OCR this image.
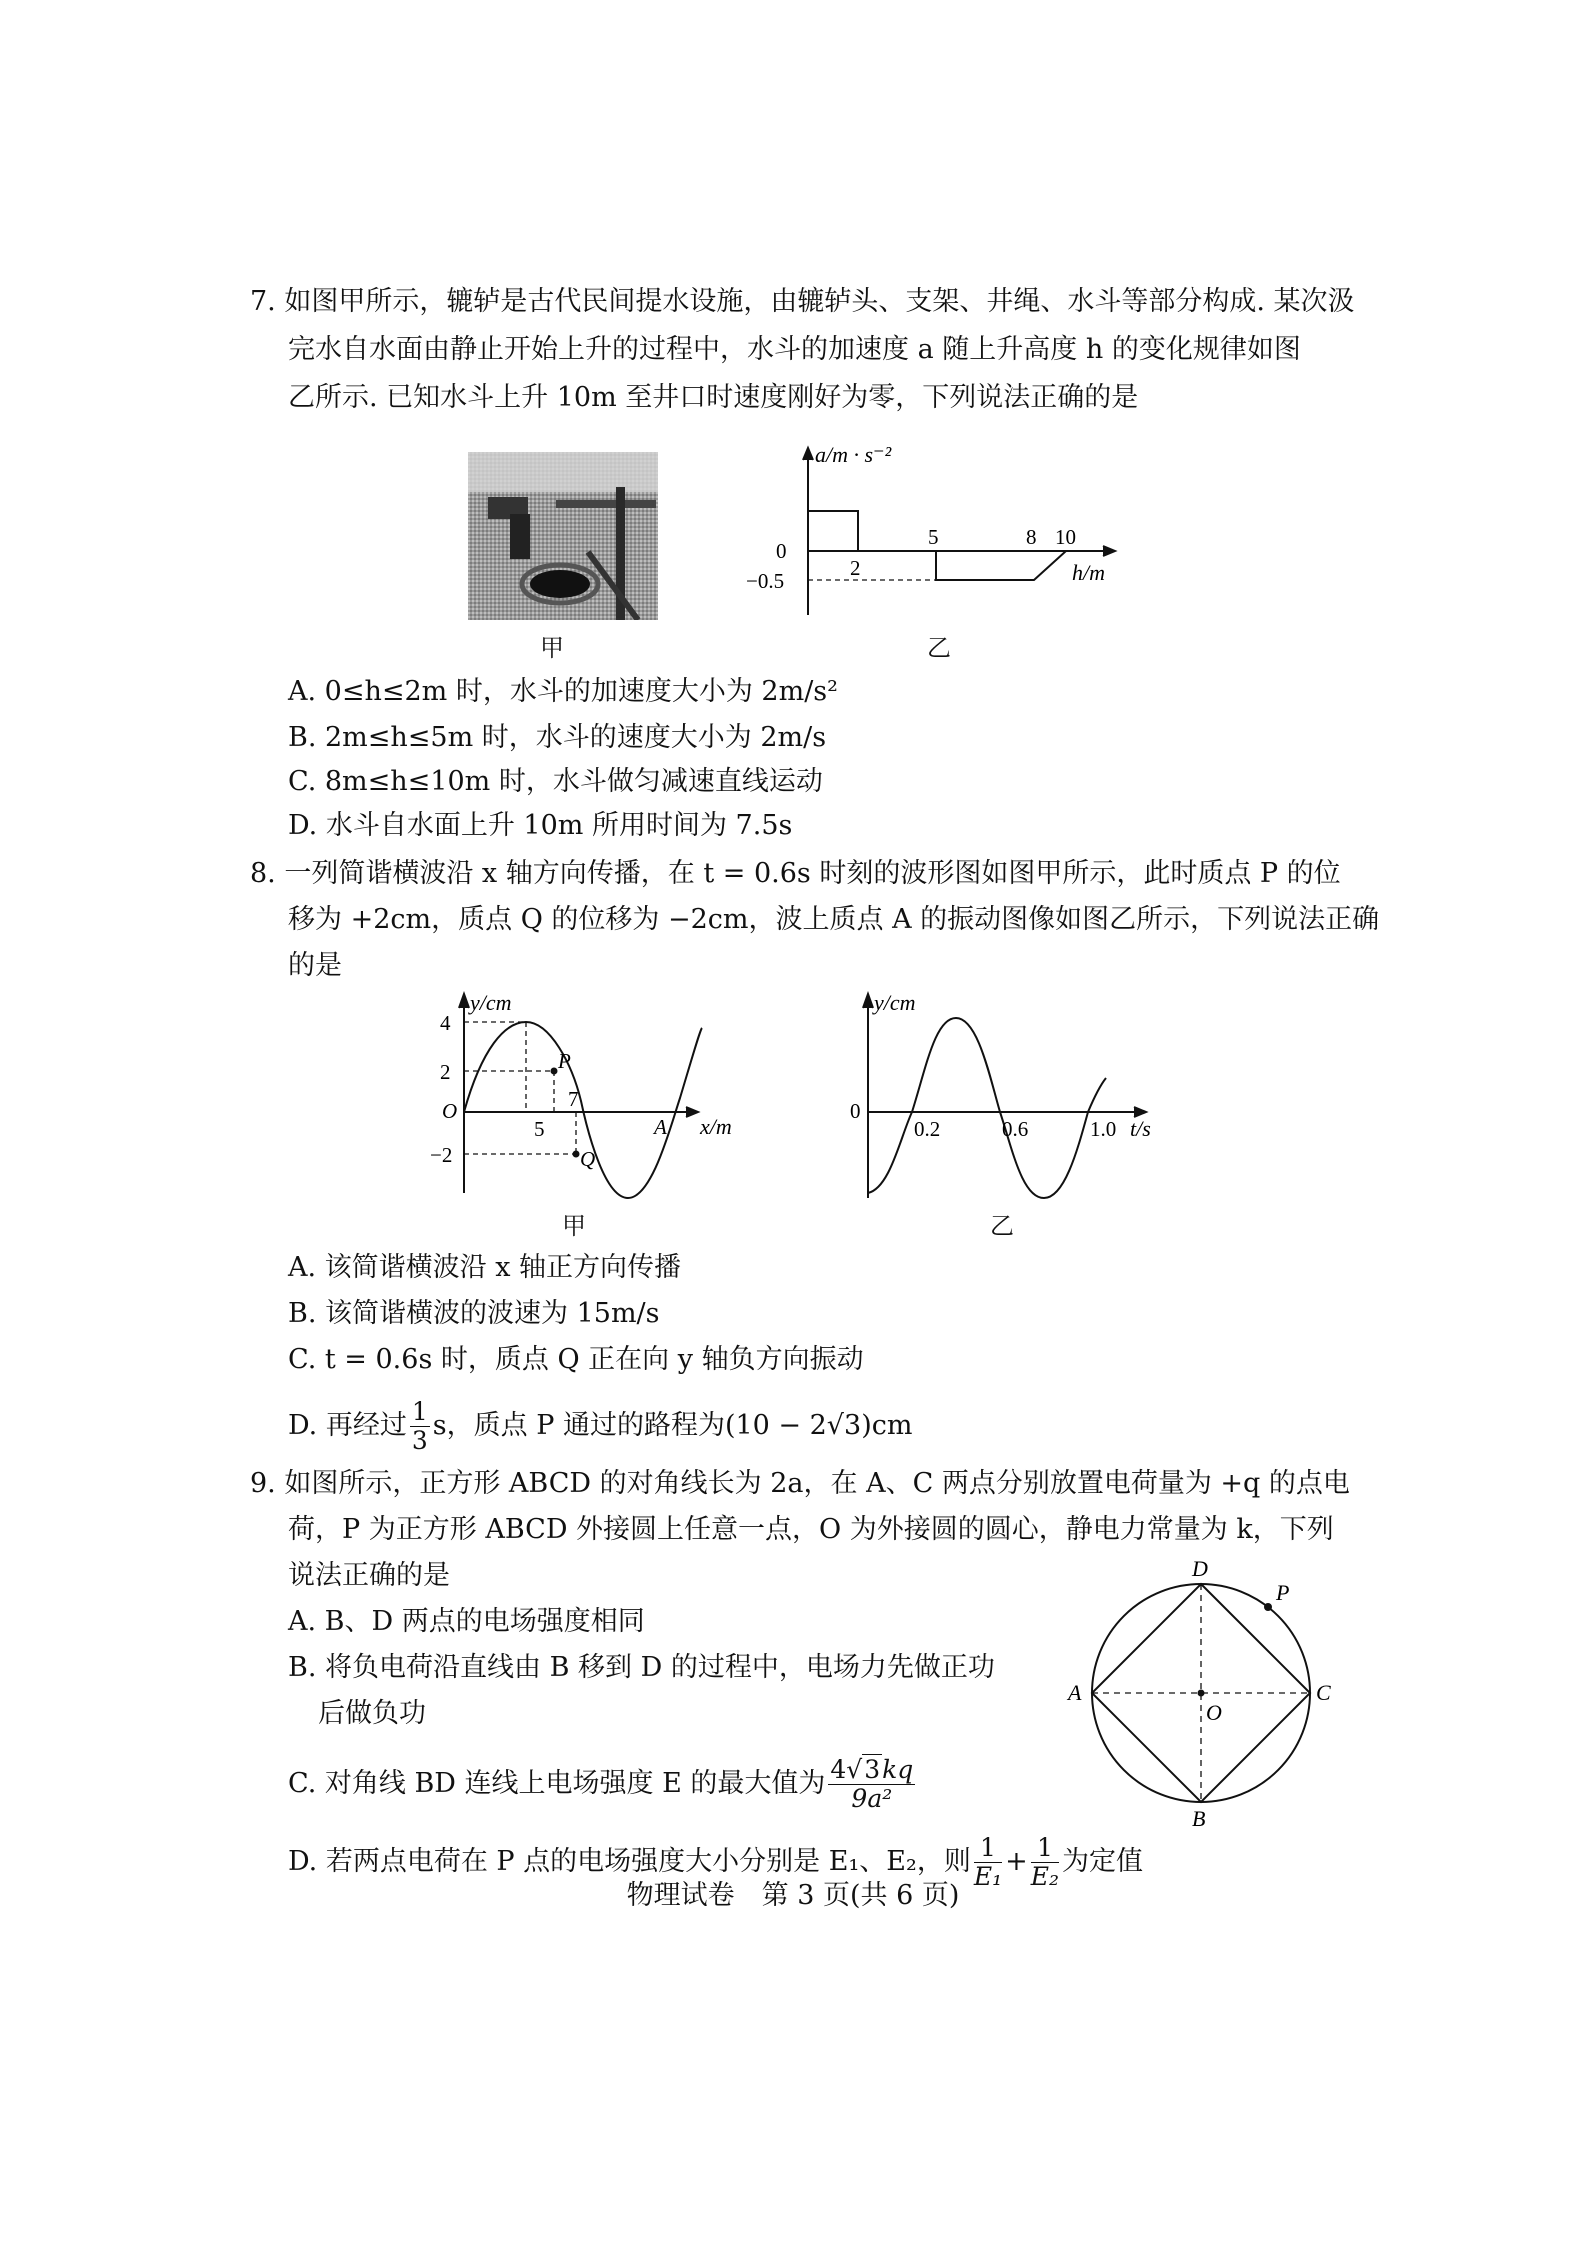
7. 如图甲所示，辘轳是古代民间提水设施，由辘轳头、支架、井绳、水斗等部分构成. 某次汲
完水自水面由静止开始上升的过程中，水斗的加速度 a 随上升高度 h 的变化规律如图
乙所示. 已知水斗上升 10m 至井口时速度刚好为零，下列说法正确的是
甲
a/m · s⁻²
0
−0.5
2
5	8 10
h/m
乙
A. 0≤h≤2m 时，水斗的加速度大小为 2m/s²
B. 2m≤h≤5m 时，水斗的速度大小为 2m/s
C. 8m≤h≤10m 时，水斗做匀减速直线运动
D. 水斗自水面上升 10m 所用时间为 7.5s
8. 一列简谐横波沿 x 轴方向传播，在 t = 0.6s 时刻的波形图如图甲所示，此时质点 P 的位
移为 +2cm，质点 Q 的位移为 −2cm，波上质点 A 的振动图像如图乙所示，下列说法正确
的是
y/cm
4
2
−2
O
5
7
P
Q
A x/m
甲
y/cm
0
0.2	0.6	1.0 t/s
乙
A. 该简谐横波沿 x 轴正方向传播
B. 该简谐横波的波速为 15m/s
C. t = 0.6s 时，质点 Q 正在向 y 轴负方向振动
D. 再经过 $\frac{1}{3}$ s，质点 P 通过的路程为(10 − 2√3)cm
9. 如图所示，正方形 ABCD 的对角线长为 2a，在 A、C 两点分别放置电荷量为 +q 的点电
荷，P 为正方形 ABCD 外接圆上任意一点，O 为外接圆的圆心，静电力常量为 k，下列
说法正确的是
A. B、D 两点的电场强度相同
B. 将负电荷沿直线由 B 移到 D 的过程中，电场力先做正功
后做负功
C. 对角线 BD 连线上电场强度 E 的最大值为 $\frac{4√3kq}{\text{9a²}}$
D. 若两点电荷在 P 点的电场强度大小分别是 E₁、E₂，则 $\frac{1}{\text{E₁}} + \frac{1}{\text{E₂}}$ 为定值
D
P
A	C
O
B
物理试卷　第 3 页(共 6 页)
